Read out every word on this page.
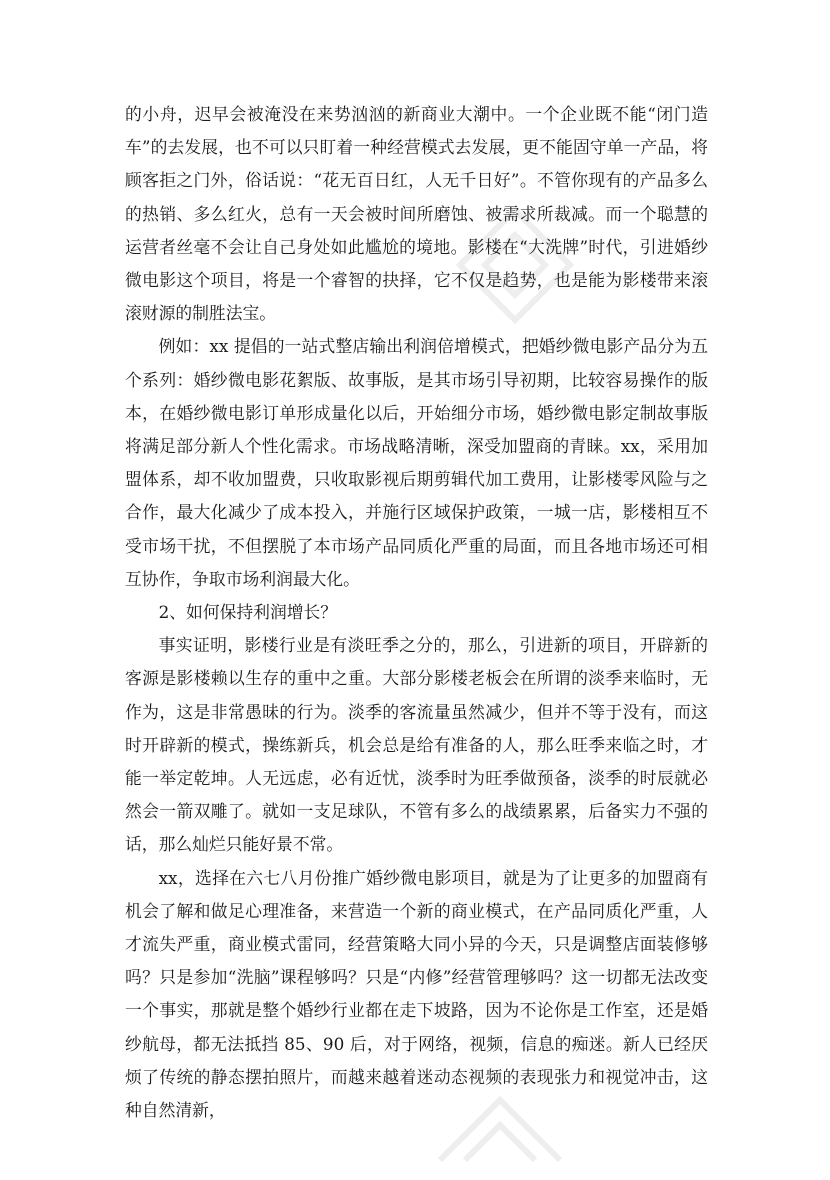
的小舟，迟早会被淹没在来势汹汹的新商业大潮中。一个企业既不能“闭门造车”的去发展，也不可以只盯着一种经营模式去发展，更不能固守单一产品，将顾客拒之门外，俗话说：“花无百日红，人无千日好”。不管你现有的产品多么的热销、多么红火，总有一天会被时间所磨蚀、被需求所裁减。而一个聪慧的运营者丝毫不会让自己身处如此尴尬的境地。影楼在“大洗牌”时代，引进婚纱微电影这个项目，将是一个睿智的抉择，它不仅是趋势，也是能为影楼带来滚滚财源的制胜法宝。

例如：xx 提倡的一站式整店输出利润倍增模式，把婚纱微电影产品分为五个系列：婚纱微电影花絮版、故事版，是其市场引导初期，比较容易操作的版本，在婚纱微电影订单形成量化以后，开始细分市场，婚纱微电影定制故事版将满足部分新人个性化需求。市场战略清晰，深受加盟商的青睐。xx，采用加盟体系，却不收加盟费，只收取影视后期剪辑代加工费用，让影楼零风险与之合作，最大化减少了成本投入，并施行区域保护政策，一城一店，影楼相互不受市场干扰，不但摆脱了本市场产品同质化严重的局面，而且各地市场还可相互协作，争取市场利润最大化。

2、如何保持利润增长？

事实证明，影楼行业是有淡旺季之分的，那么，引进新的项目，开辟新的客源是影楼赖以生存的重中之重。大部分影楼老板会在所谓的淡季来临时，无作为，这是非常愚昧的行为。淡季的客流量虽然减少，但并不等于没有，而这时开辟新的模式，操练新兵，机会总是给有准备的人，那么旺季来临之时，才能一举定乾坤。人无远虑，必有近忧，淡季时为旺季做预备，淡季的时辰就必然会一箭双雕了。就如一支足球队，不管有多么的战绩累累，后备实力不强的话，那么灿烂只能好景不常。

xx，选择在六七八月份推广婚纱微电影项目，就是为了让更多的加盟商有机会了解和做足心理准备，来营造一个新的商业模式，在产品同质化严重，人才流失严重，商业模式雷同，经营策略大同小异的今天，只是调整店面装修够吗？只是参加“洗脑”课程够吗？只是“内修”经营管理够吗？这一切都无法改变一个事实，那就是整个婚纱行业都在走下坡路，因为不论你是工作室，还是婚纱航母，都无法抵挡 85、90 后，对于网络，视频，信息的痴迷。新人已经厌烦了传统的静态摆拍照片，而越来越着迷动态视频的表现张力和视觉冲击，这种自然清新，
